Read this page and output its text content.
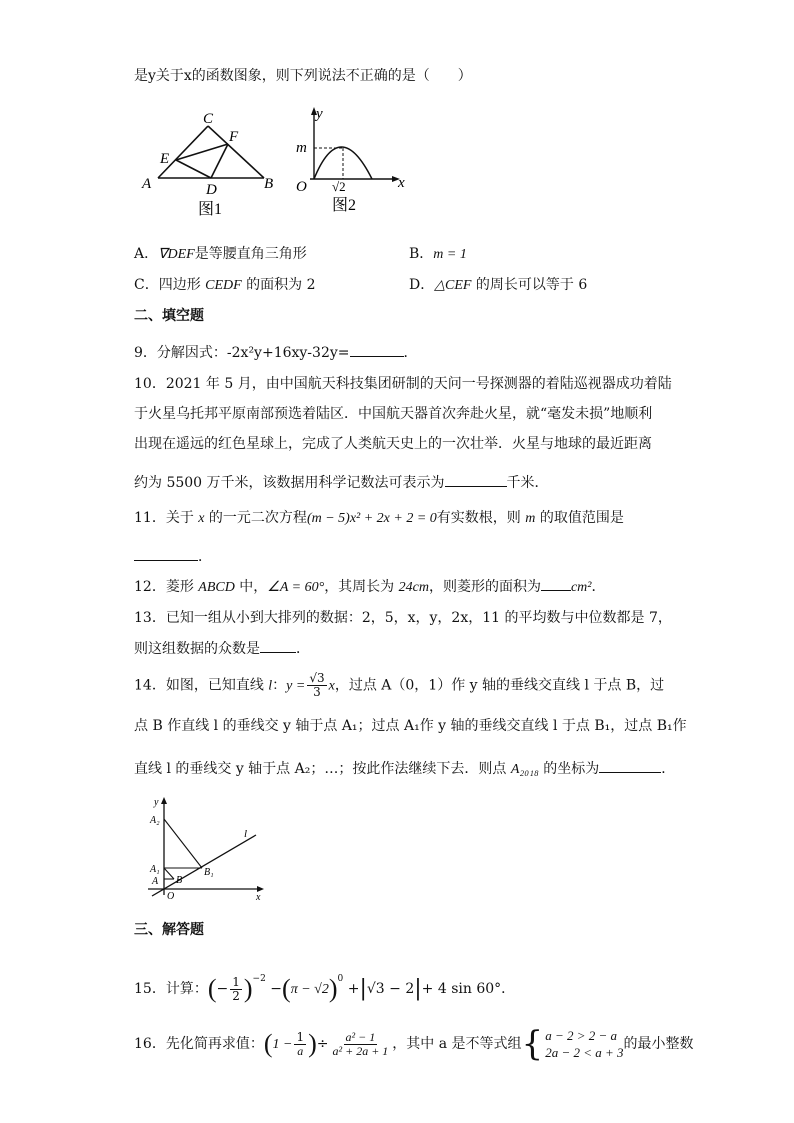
是y关于x的函数图象，则下列说法不正确的是（　　）
C
F
E
A	D	B
图1
y
m
O √2	x
图2
A．∇DEF是等腰直角三角形	B．m = 1
C．四边形 CEDF 的面积为 2	D．△CEF 的周长可以等于 6
二、填空题
9．分解因式：-2x²y+16xy-32y=	．
10．2021 年 5 月，由中国航天科技集团研制的天问一号探测器的着陆巡视器成功着陆
于火星乌托邦平原南部预选着陆区．中国航天器首次奔赴火星，就“毫发未损”地顺利
出现在遥远的红色星球上，完成了人类航天史上的一次壮举．火星与地球的最近距离
约为 5500 万千米，该数据用科学记数法可表示为	千米．
11．关于 x 的一元二次方程(m − 5)x² + 2x + 2 = 0有实数根，则 m 的取值范围是
．
12．菱形 ABCD 中，∠A = 60°，其周长为 24cm，则菱形的面积为 cm²．
13．已知一组从小到大排列的数据：2，5，x，y，2x，11 的平均数与中位数都是 7，
则这组数据的众数是	．
14．如图，已知直线 l：$y = \frac{√3}{3}$ x，过点 A（0，1）作 y 轴的垂线交直线 l 于点 B，过
点 B 作直线 l 的垂线交 y 轴于点 A₁；过点 A₁作 y 轴的垂线交直线 l 于点 B₁，过点 B₁作
直线 l 的垂线交 y 轴于点 A₂；…；按此作法继续下去．则点 A₂₀₁₈ 的坐标为	．
y
A₂
A₁
A B
B₁
O	x
l
三、解答题
15．计算：(− $\frac{1}{2} )^{-2} -(\pi - √2)^0 +|√3 - 2|+ 4$ sin 60°．
16．先化简再求值：($1 - \frac{1}{a}$ )÷ $\frac{\text{a² − 1}}{\text{a² + 2a + 1}}$ ，其中 a 是不等式组 { a − 2 > 2 − a
2a − 2 < a + 3
的最小整数
